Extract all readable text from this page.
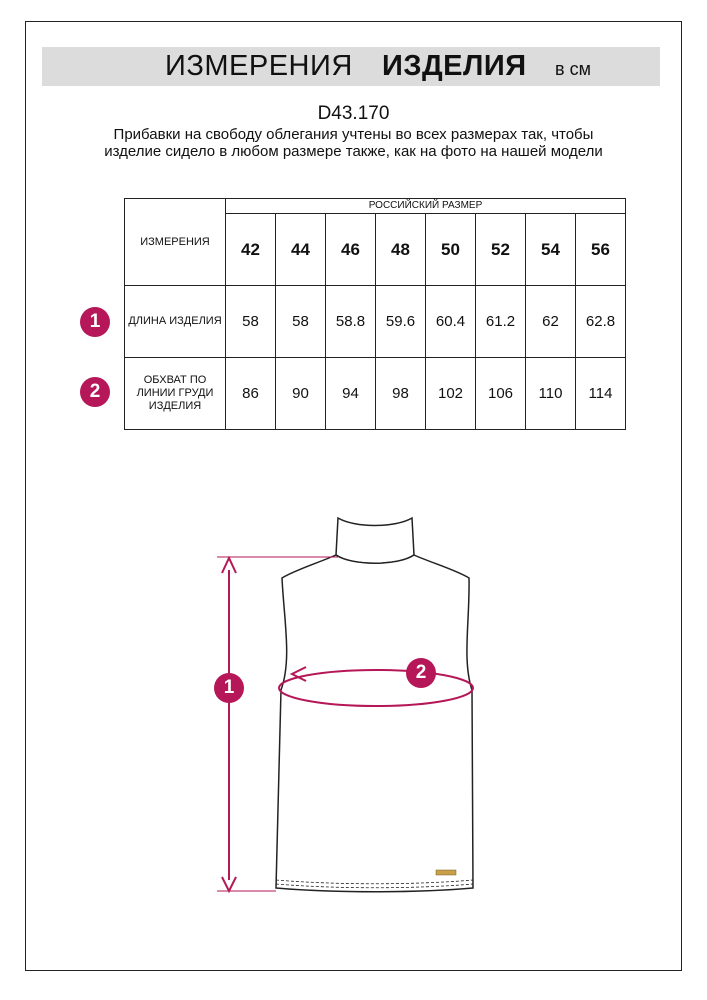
ИЗМЕРЕНИЯ ИЗДЕЛИЯ в см
D43.170
Прибавки на свободу облегания учтены во всех размерах так, чтобы изделие сидело в любом размере также, как на фото на нашей модели
ИЗМЕРЕНИЯ	РОССИЙСКИЙ РАЗМЕР							
	42	44	46	48	50	52	54	56
ДЛИНА ИЗДЕЛИЯ	58	58	58.8	59.6	60.4	61.2	62	62.8
ОБХВАТ ПО ЛИНИИ ГРУДИ ИЗДЕЛИЯ	86	90	94	98	102	106	110	114
1
2
1
2
